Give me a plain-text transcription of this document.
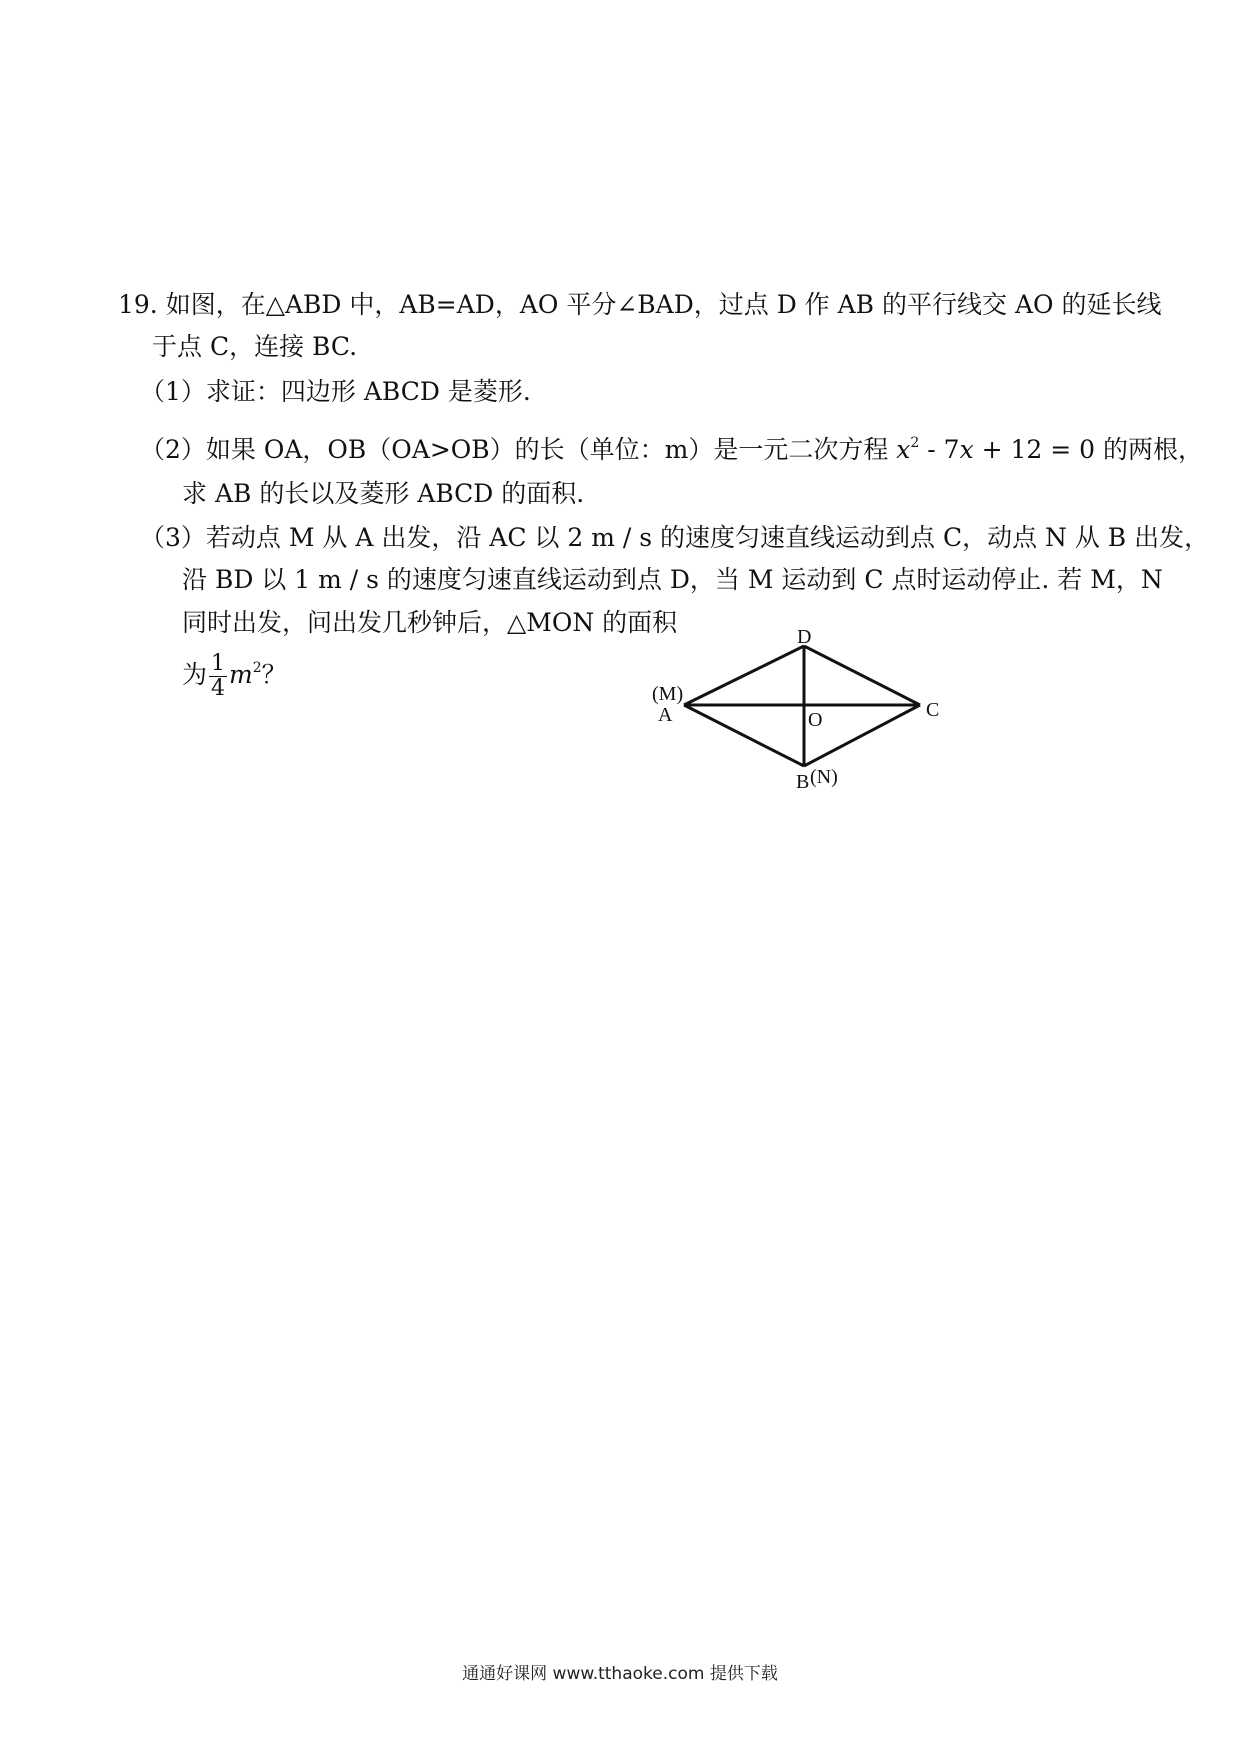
19. 如图，在△ABD 中，AB=AD，AO 平分∠BAD，过点 D 作 AB 的平行线交 AO 的延长线
于点 C，连接 BC.
（1）求证：四边形 ABCD 是菱形.
（2）如果 OA，OB（OA>OB）的长（单位：m）是一元二次方程 $x^2 - 7x + 12 = 0$ 的两根，
求 AB 的长以及菱形 ABCD 的面积.
（3）若动点 M 从 A 出发，沿 AC 以 2 m / s 的速度匀速直线运动到点 C，动点 N 从 B 出发，
沿 BD 以 1 m / s 的速度匀速直线运动到点 D，当 M 运动到 C 点时运动停止. 若 M，N
同时出发，问出发几秒钟后，△MON 的面积
为 $\frac{1}{4} m^2$？
(M)
A
D
C
O
B (N)
通通好课网 www.tthaoke.com 提供下载
